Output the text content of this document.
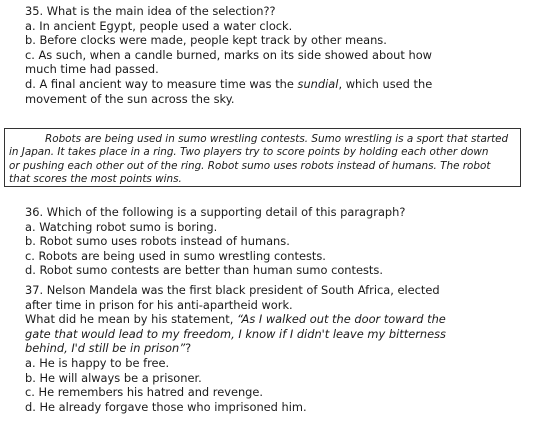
35. What is the main idea of the selection??
a. In ancient Egypt, people used a water clock.
b. Before clocks were made, people kept track by other means.
c. As such, when a candle burned, marks on its side showed about how
much time had passed.
d. A final ancient way to measure time was the sundial, which used the
movement of the sun across the sky.
Robots are being used in sumo wrestling contests. Sumo wrestling is a sport that started
in Japan. It takes place in a ring. Two players try to score points by holding each other down
or pushing each other out of the ring. Robot sumo uses robots instead of humans. The robot
that scores the most points wins.
36. Which of the following is a supporting detail of this paragraph?
a. Watching robot sumo is boring.
b. Robot sumo uses robots instead of humans.
c. Robots are being used in sumo wrestling contests.
d. Robot sumo contests are better than human sumo contests.
37. Nelson Mandela was the first black president of South Africa, elected
after time in prison for his anti-apartheid work.
What did he mean by his statement, “As I walked out the door toward the
gate that would lead to my freedom, I know if I didn't leave my bitterness
behind, I'd still be in prison”?
a. He is happy to be free.
b. He will always be a prisoner.
c. He remembers his hatred and revenge.
d. He already forgave those who imprisoned him.
